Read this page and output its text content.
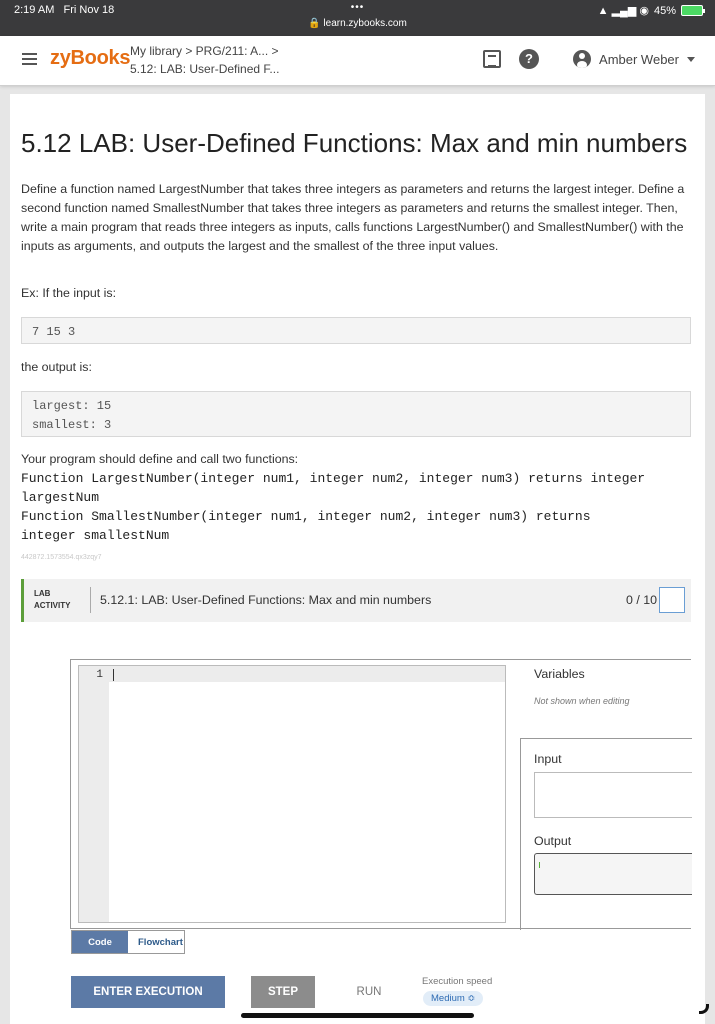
2:19 AM Fri Nov 18	•••
🔒 learn.zybooks.com
▲ ▂▄▆ ◉ 45%
zyBooks My library > PRG/211: A... >
5.12: LAB: User-Defined F...
?	Amber Weber
5.12 LAB: User-Defined Functions: Max and min numbers

Define a function named LargestNumber that takes three integers as parameters and returns the largest integer. Define a second function named SmallestNumber that takes three integers as parameters and returns the smallest integer. Then, write a main program that reads three integers as inputs, calls functions LargestNumber() and SmallestNumber() with the inputs as arguments, and outputs the largest and the smallest of the three input values.

Ex: If the input is:
7 15 3
the output is:
largest: 15
smallest: 3
Your program should define and call two functions:
Function LargestNumber(integer num1, integer num2, integer num3) returns integer
largestNum
Function SmallestNumber(integer num1, integer num2, integer num3) returns
integer smallestNum
442872.1573554.qx3zqy7
LAB
ACTIVITY 5.12.1: LAB: User-Defined Functions: Max and min numbers	0 / 10
1	Variables
Not shown when editing
Input
Output
Code	Flowchart
ENTER EXECUTION	STEP	RUN
Execution speed
Medium ≎
